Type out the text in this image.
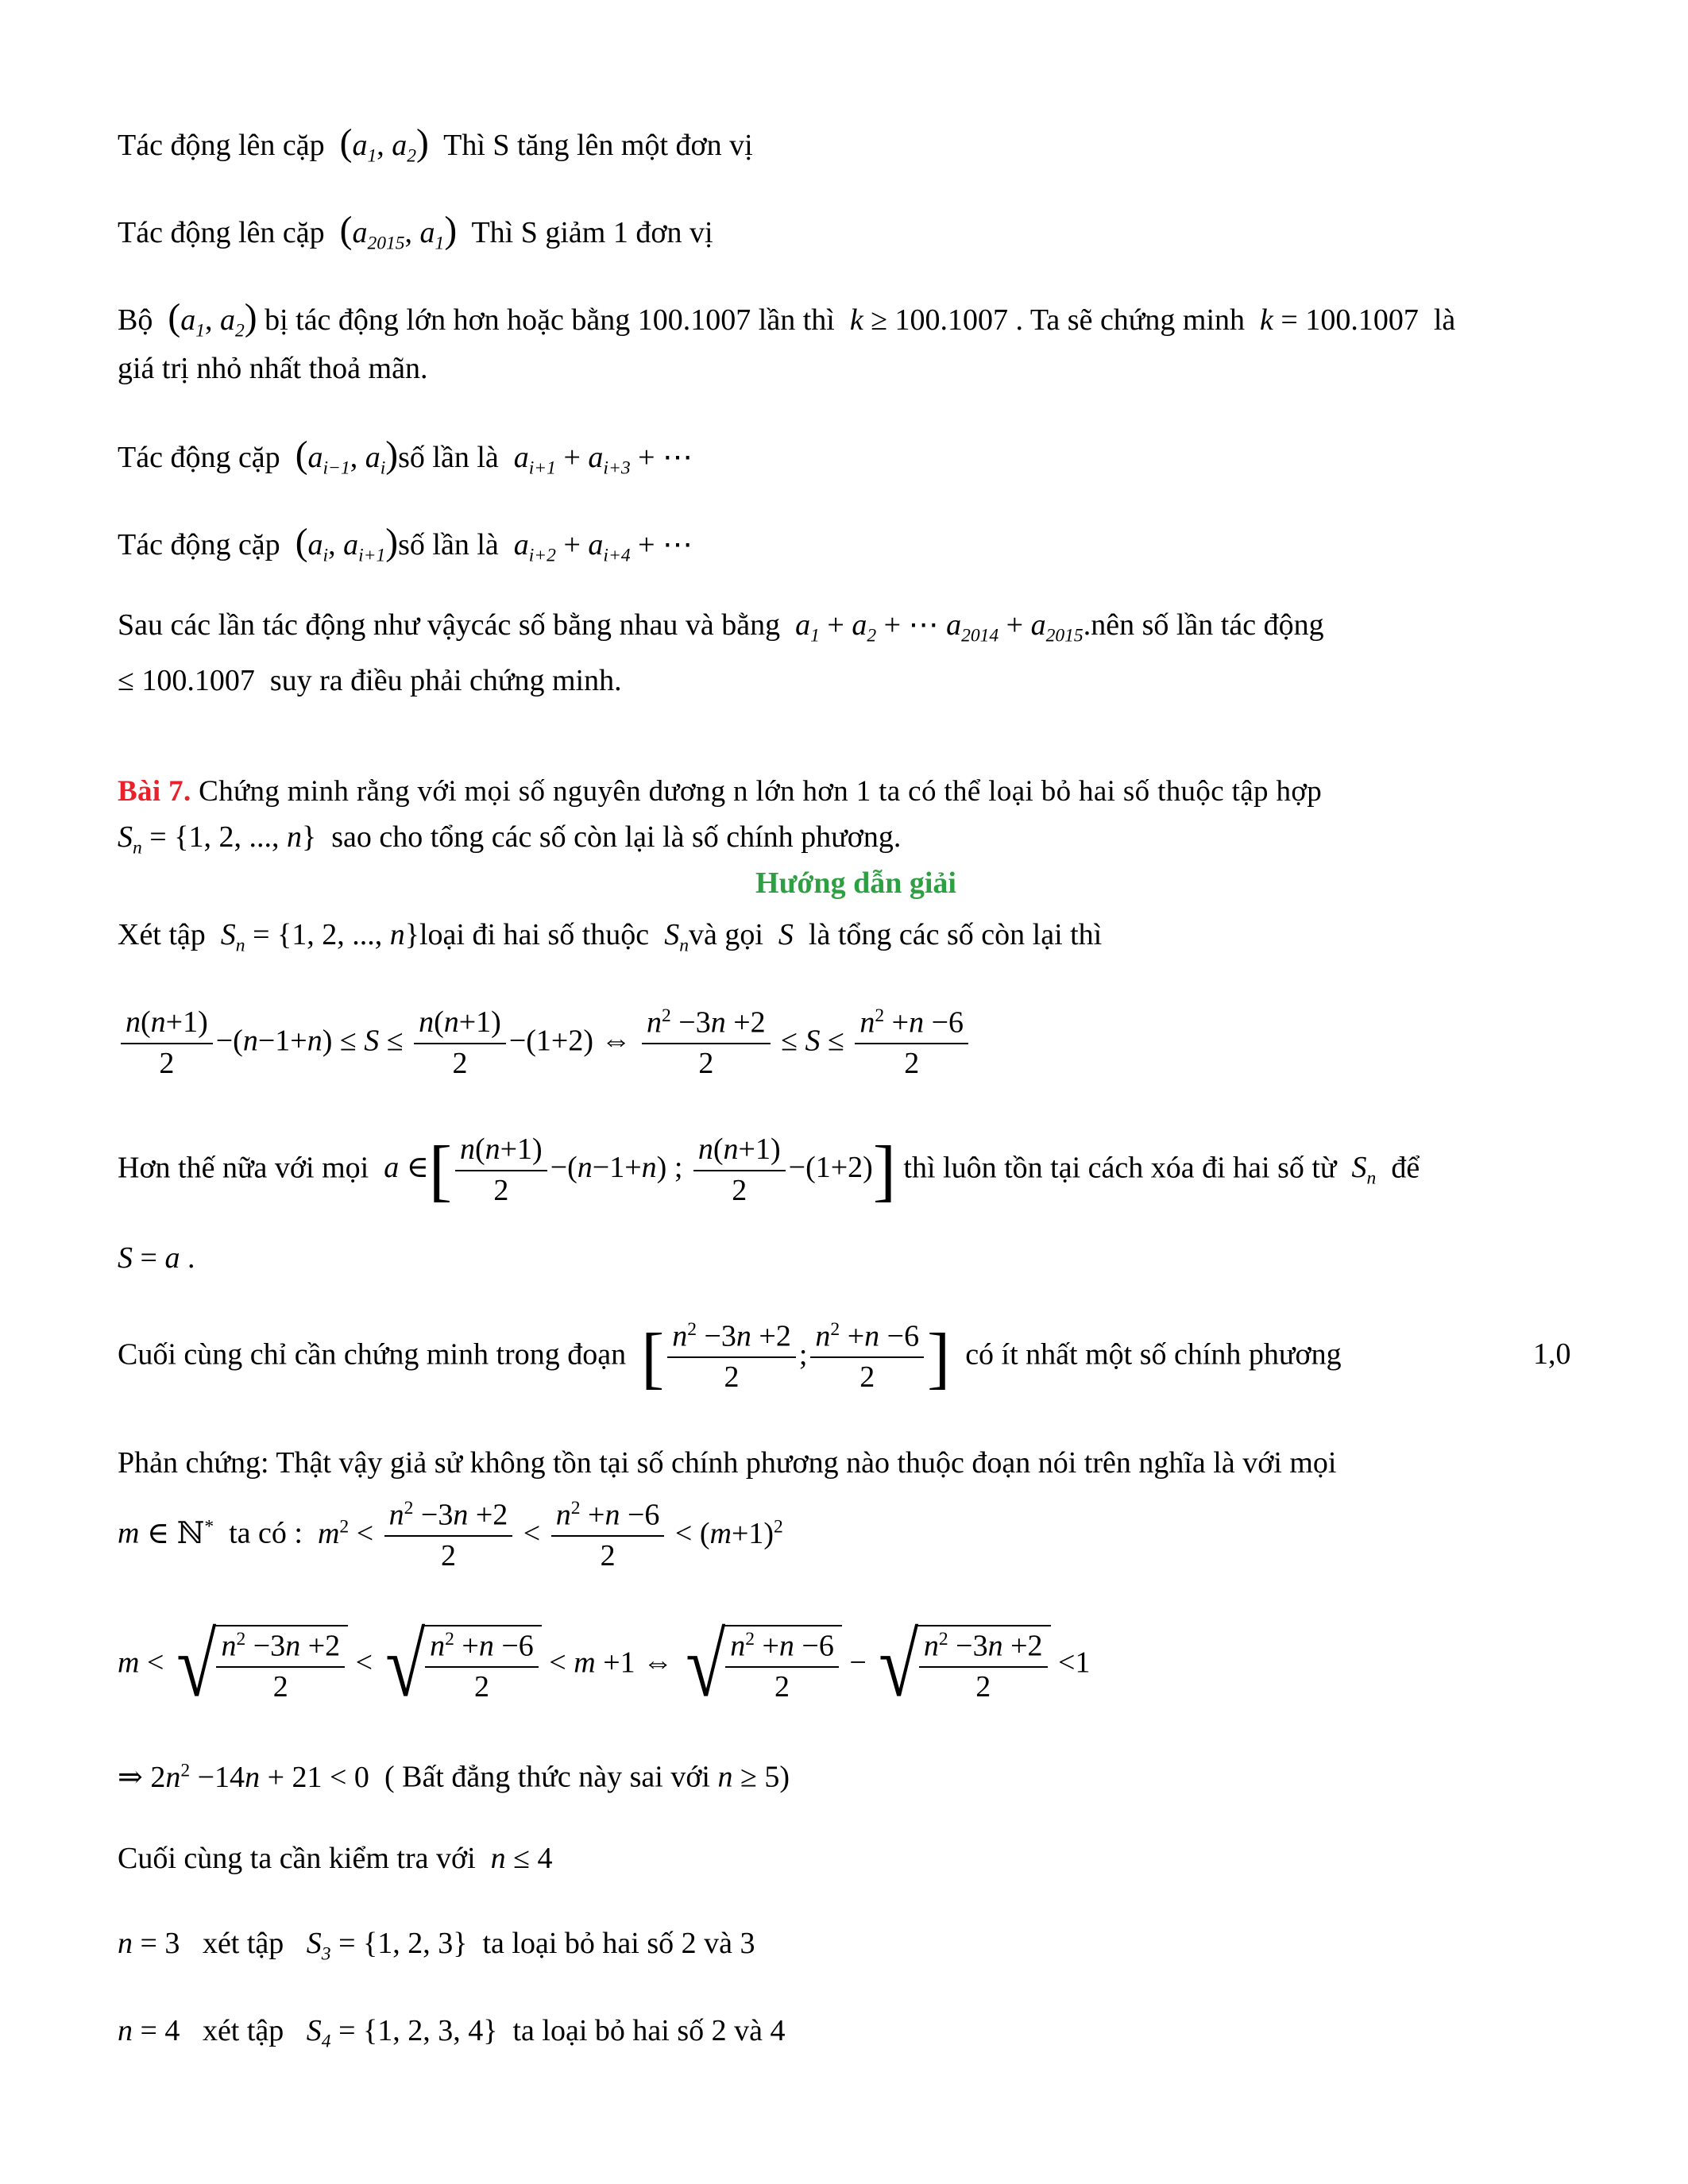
Tác động lên cặp ($a_1$, $a_2$) Thì S tăng lên một đơn vị
Tác động lên cặp ($a_{2015}$, $a_1$) Thì S giảm 1 đơn vị
Bộ ($a_1$, $a_2$) bị tác động lớn hơn hoặc bằng 100.1007 lần thì  k ≥ 100.1007 . Ta sẽ chứng minh  k = 100.1007 là
giá trị nhỏ nhất thoả mãn.
Tác động cặp ($a_{i-1}$, $a_i)số$ lần là  $a_{i+1} + a_{i+3}$ + ⋯
Tác động cặp ($a_i$, $a_{i+1})số$ lần là  $a_{i+2} + a_{i+4}$ + ⋯
Sau các lần tác động như vậycác số bằng nhau và bằng  $a_1 + a_2$ + ⋯ $a_{2014}$ + $a_{2015}.nên$ số lần tác động
≤ 100.1007 suy ra điều phải chứng minh.
Bài 7. Chứng minh rằng với mọi số nguyên dương n lớn hơn 1 ta có thể loại bỏ hai số thuộc tập hợp
$S_n = \{1$, 2, ..., n} sao cho tổng các số còn lại là số chính phương.
Hướng dẫn giải
Xét tập  $S_n = \{1$, 2, ..., n}loại đi hai số thuộc  $S_nvà$ gọi  S  là tổng các số còn lại thì
$\frac{n(n+1)}{2} -(n-1+n) \le S \le \frac{n(n+1)}{2} -(1+2)$ ⇔ $\frac{n^2 -3n +2}{2} \le S \le \frac{n^2 +n -6}{2}$
Hơn thế nữa với mọi  a ∈[ $\frac{n(n+1)}{2} -(n-1+n)$ ; $\frac{n(n+1)}{2} -(1+2)$] thì luôn tồn tại cách xóa đi hai số từ  $S_n$ để
S = a .
Cuối cùng chỉ cần chứng minh trong đoạn [ $\frac{n^2 -3n +2}{2}$ ; $\frac{n^2 +n -6}{2}$ ] có ít nhất một số chính phương	1,0
Phản chứng: Thật vậy giả sử không tồn tại số chính phương nào thuộc đoạn nói trên nghĩa là với mọi
m ∈ ℕ* ta có :  $m^2 < \frac{n^2 -3n +2}{2} < \frac{n^2 +n -6}{2} < (m+1)^2$
m < √ $\frac{n^2 -3n +2}{2}$ < √ $\frac{n^2 +n -6}{2} < m +1$ ⇔ √ $\frac{n^2 +n -6}{2}$ − √ $\frac{n^2 -3n +2}{2} <1$
⇒ $2n^2 -14n + 21 < 0$ ( Bất đẳng thức này sai với n ≥ 5)
Cuối cùng ta cần kiểm tra với  n ≤ 4
n = 3 xét tập   $S_3 = \{1$, 2, 3} ta loại bỏ hai số 2 và 3
n = 4 xét tập   $S_4 = \{1$, 2, 3, 4} ta loại bỏ hai số 2 và 4
